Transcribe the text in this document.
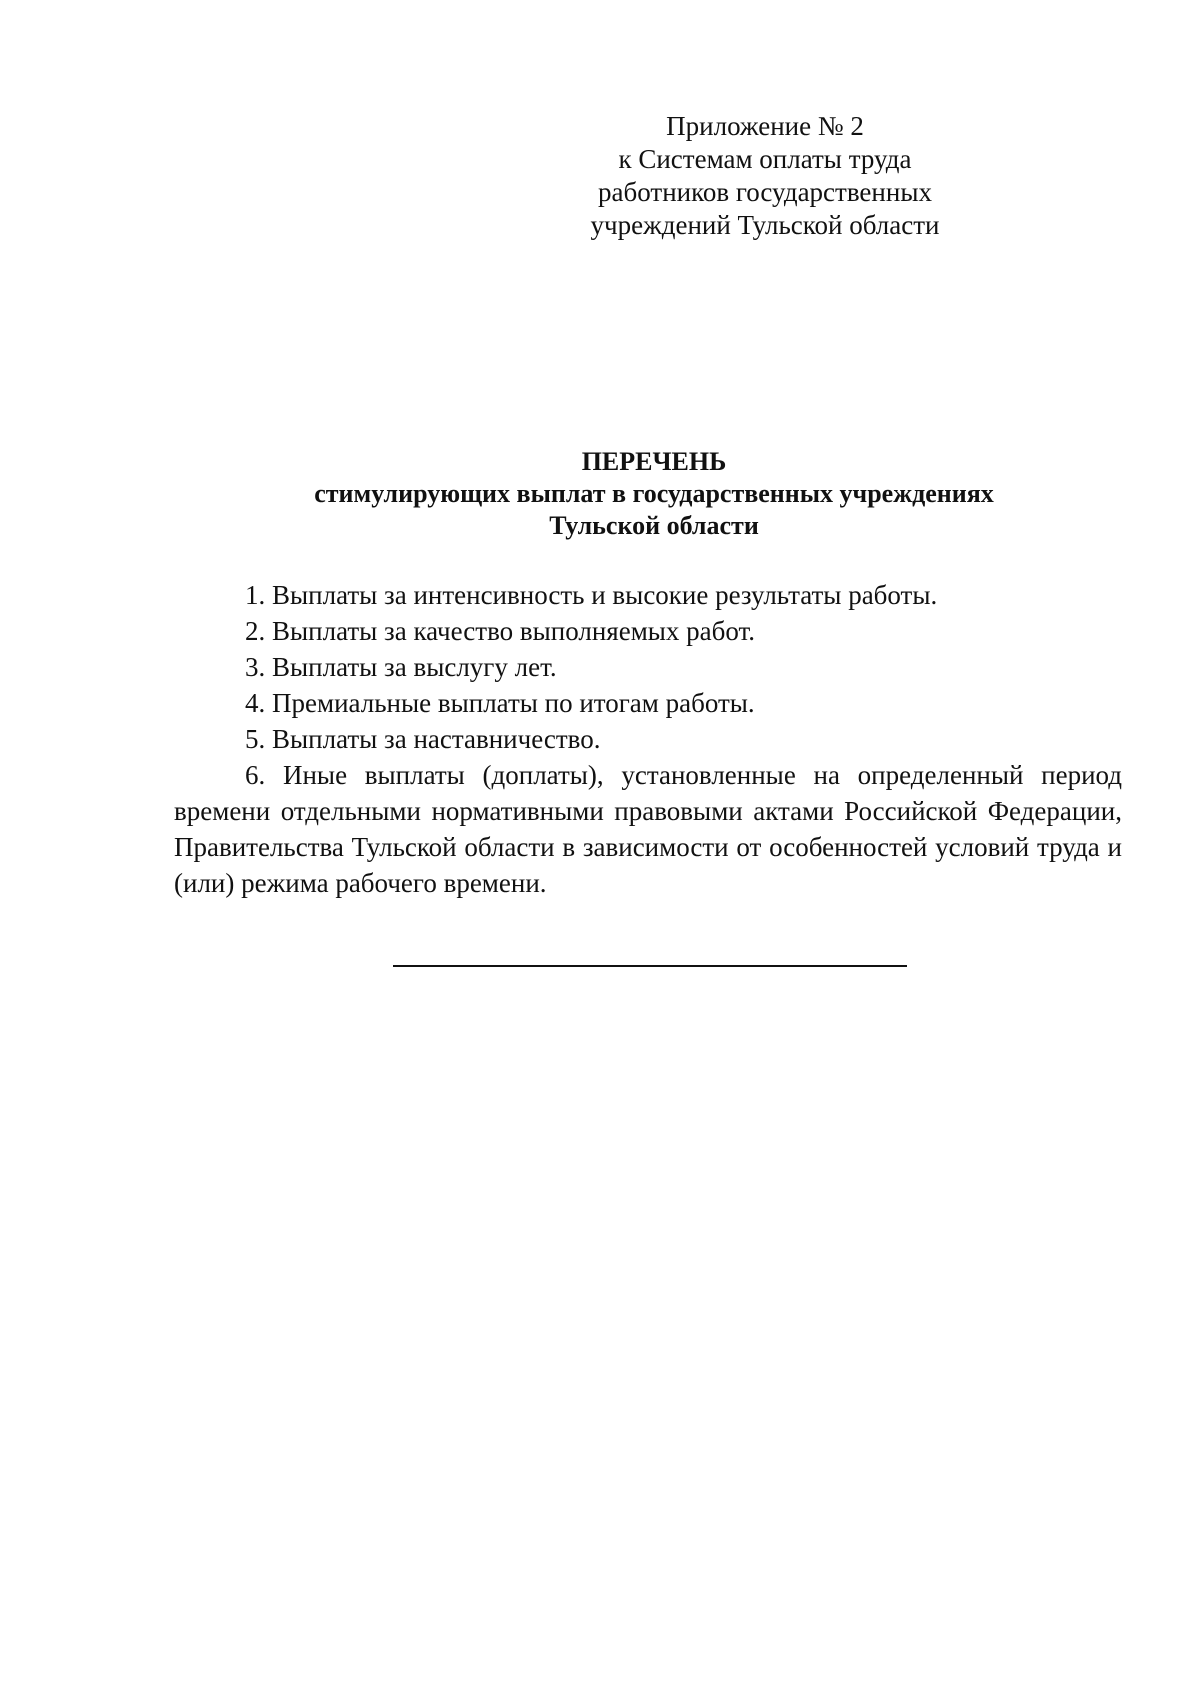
Приложение № 2
к Системам оплаты труда
работников государственных
учреждений Тульской области
ПЕРЕЧЕНЬ
стимулирующих выплат в государственных учреждениях
Тульской области
1. Выплаты за интенсивность и высокие результаты работы.
2. Выплаты за качество выполняемых работ.
3. Выплаты за выслугу лет.
4. Премиальные выплаты по итогам работы.
5. Выплаты за наставничество.
6. Иные выплаты (доплаты), установленные на определенный период времени отдельными нормативными правовыми актами Российской Федерации, Правительства Тульской области в зависимости от особенностей условий труда и (или) режима рабочего времени.
